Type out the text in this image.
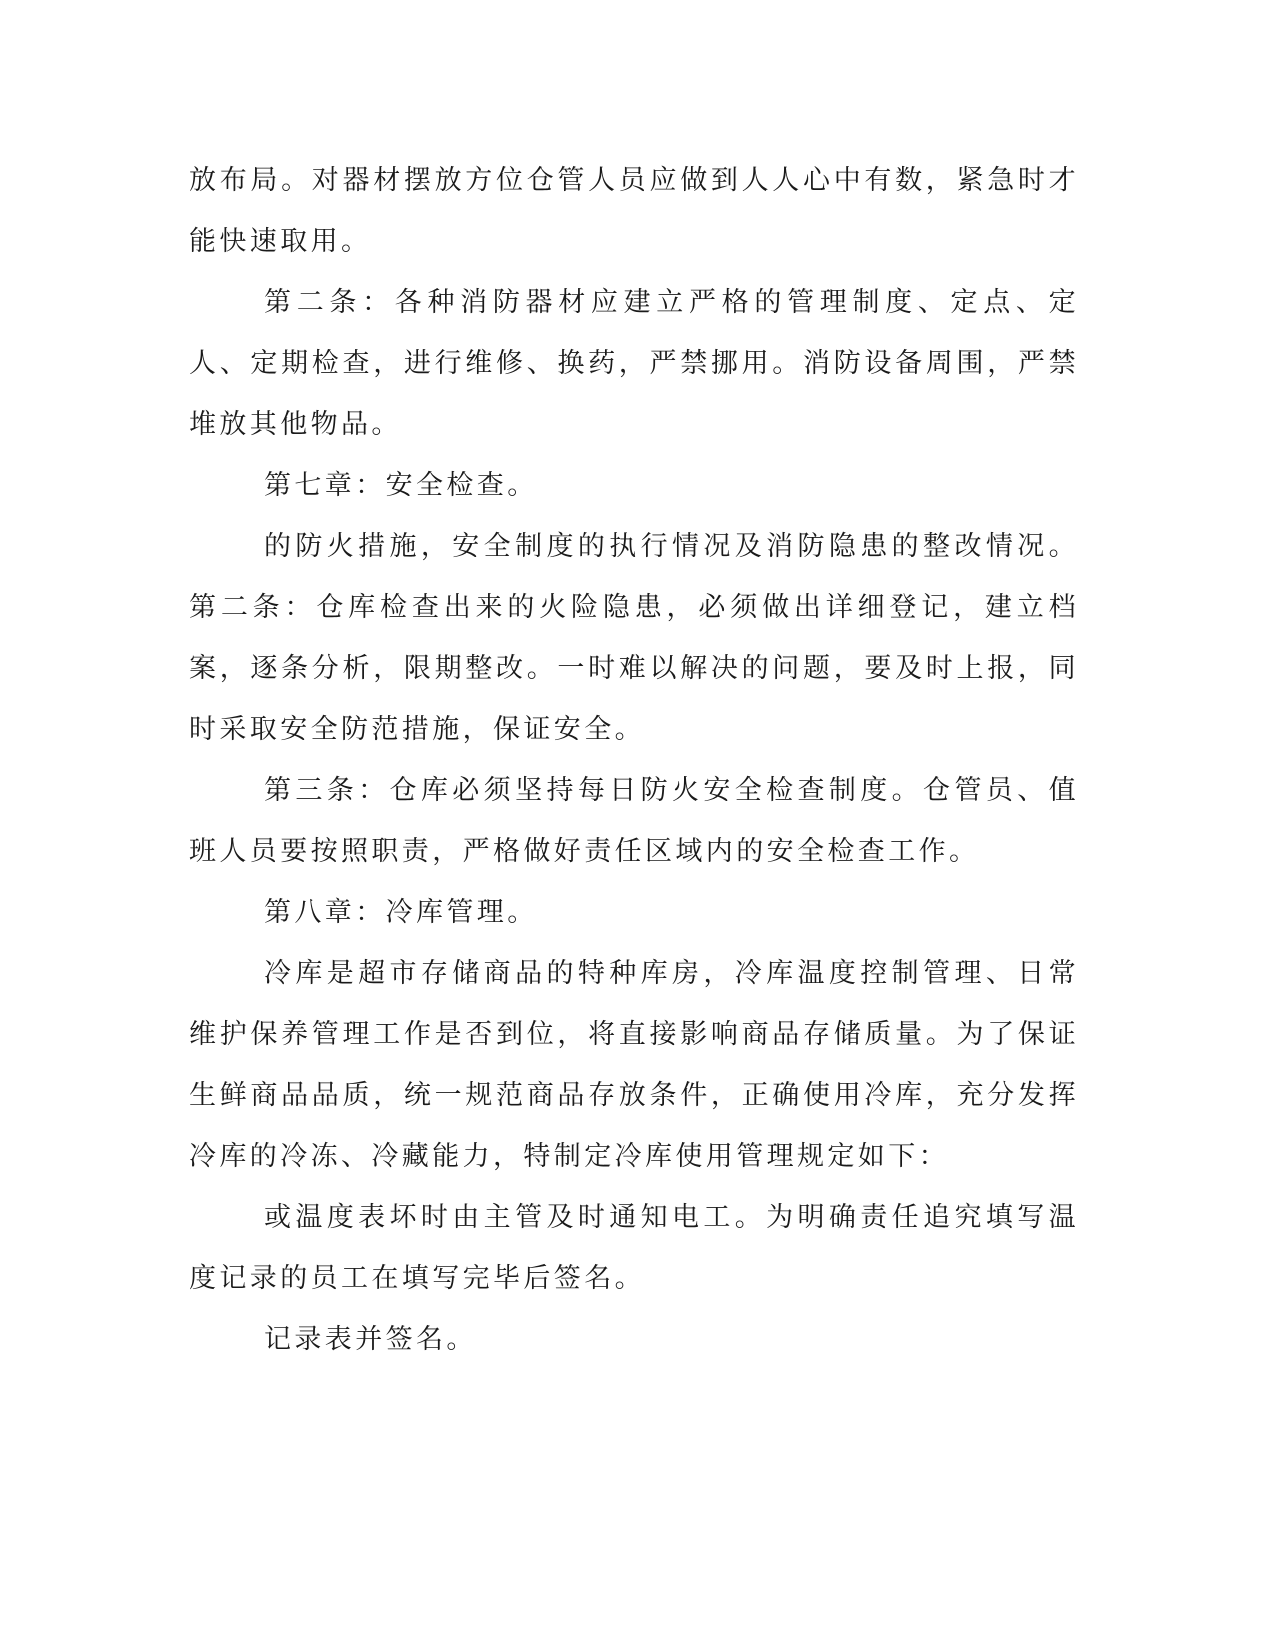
放布局。对器材摆放方位仓管人员应做到人人心中有数，紧急时才能快速取用。

第二条：各种消防器材应建立严格的管理制度、定点、定人、定期检查，进行维修、换药，严禁挪用。消防设备周围，严禁堆放其他物品。

第七章：安全检查。

的防火措施，安全制度的执行情况及消防隐患的整改情况。第二条：仓库检查出来的火险隐患，必须做出详细登记，建立档案，逐条分析，限期整改。一时难以解决的问题，要及时上报，同时采取安全防范措施，保证安全。

第三条：仓库必须坚持每日防火安全检查制度。仓管员、值班人员要按照职责，严格做好责任区域内的安全检查工作。

第八章：冷库管理。

冷库是超市存储商品的特种库房，冷库温度控制管理、日常维护保养管理工作是否到位，将直接影响商品存储质量。为了保证生鲜商品品质，统一规范商品存放条件，正确使用冷库，充分发挥冷库的冷冻、冷藏能力，特制定冷库使用管理规定如下：

或温度表坏时由主管及时通知电工。为明确责任追究填写温度记录的员工在填写完毕后签名。

记录表并签名。
